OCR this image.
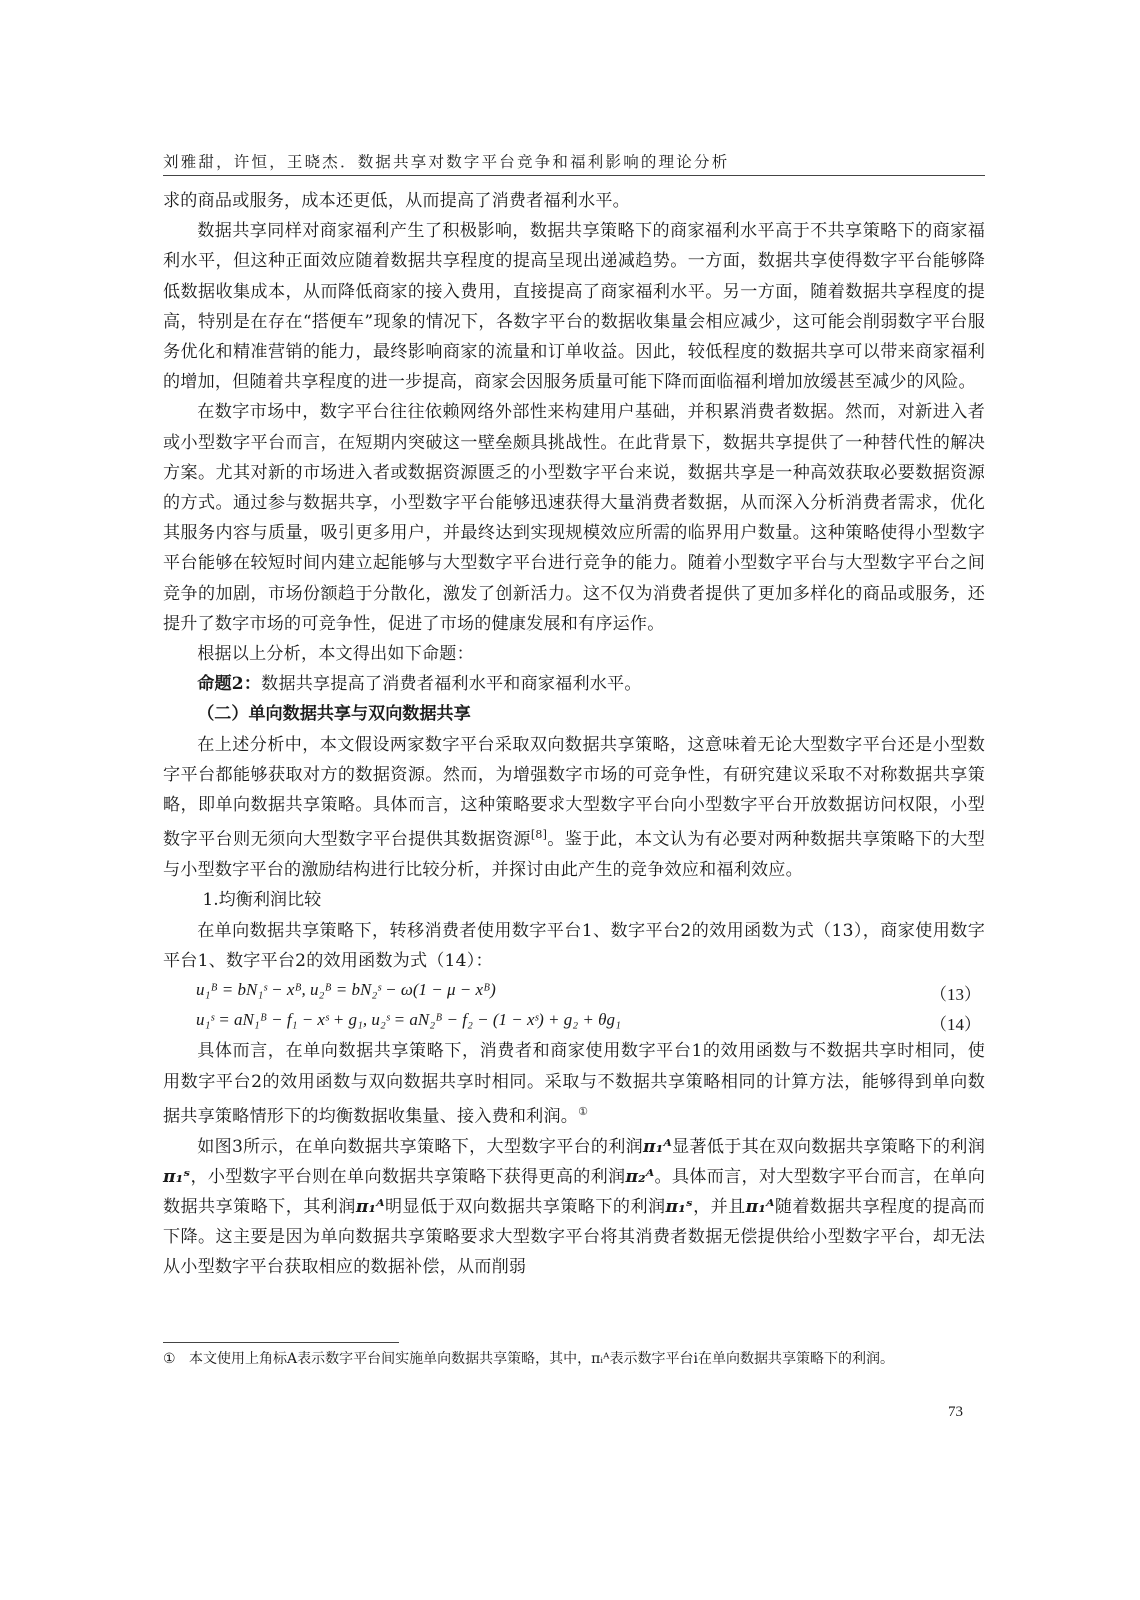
刘雅甜，许恒，王晓杰．数据共享对数字平台竞争和福利影响的理论分析

求的商品或服务，成本还更低，从而提高了消费者福利水平。

数据共享同样对商家福利产生了积极影响，数据共享策略下的商家福利水平高于不共享策略下的商家福利水平，但这种正面效应随着数据共享程度的提高呈现出递减趋势。一方面，数据共享使得数字平台能够降低数据收集成本，从而降低商家的接入费用，直接提高了商家福利水平。另一方面，随着数据共享程度的提高，特别是在存在“搭便车”现象的情况下，各数字平台的数据收集量会相应减少，这可能会削弱数字平台服务优化和精准营销的能力，最终影响商家的流量和订单收益。因此，较低程度的数据共享可以带来商家福利的增加，但随着共享程度的进一步提高，商家会因服务质量可能下降而面临福利增加放缓甚至减少的风险。

在数字市场中，数字平台往往依赖网络外部性来构建用户基础，并积累消费者数据。然而，对新进入者或小型数字平台而言，在短期内突破这一壁垒颇具挑战性。在此背景下，数据共享提供了一种替代性的解决方案。尤其对新的市场进入者或数据资源匮乏的小型数字平台来说，数据共享是一种高效获取必要数据资源的方式。通过参与数据共享，小型数字平台能够迅速获得大量消费者数据，从而深入分析消费者需求，优化其服务内容与质量，吸引更多用户，并最终达到实现规模效应所需的临界用户数量。这种策略使得小型数字平台能够在较短时间内建立起能够与大型数字平台进行竞争的能力。随着小型数字平台与大型数字平台之间竞争的加剧，市场份额趋于分散化，激发了创新活力。这不仅为消费者提供了更加多样化的商品或服务，还提升了数字市场的可竞争性，促进了市场的健康发展和有序运作。

根据以上分析，本文得出如下命题：

命题2：数据共享提高了消费者福利水平和商家福利水平。

（二）单向数据共享与双向数据共享

在上述分析中，本文假设两家数字平台采取双向数据共享策略，这意味着无论大型数字平台还是小型数字平台都能够获取对方的数据资源。然而，为增强数字市场的可竞争性，有研究建议采取不对称数据共享策略，即单向数据共享策略。具体而言，这种策略要求大型数字平台向小型数字平台开放数据访问权限，小型数字平台则无须向大型数字平台提供其数据资源[8]。鉴于此，本文认为有必要对两种数据共享策略下的大型与小型数字平台的激励结构进行比较分析，并探讨由此产生的竞争效应和福利效应。

1.均衡利润比较

在单向数据共享策略下，转移消费者使用数字平台1、数字平台2的效用函数为式（13），商家使用数字平台1、数字平台2的效用函数为式（14）：

u₁ᴮ = bN₁ˢ − xᴮ, u₂ᴮ = bN₂ˢ − ω(1 − μ − xᴮ)	（13）
u₁ˢ = aN₁ᴮ − f₁ − xˢ + g₁, u₂ˢ = aN₂ᴮ − f₂ − (1 − xˢ) + g₂ + θg₁	（14）

具体而言，在单向数据共享策略下，消费者和商家使用数字平台1的效用函数与不数据共享时相同，使用数字平台2的效用函数与双向数据共享时相同。采取与不数据共享策略相同的计算方法，能够得到单向数据共享策略情形下的均衡数据收集量、接入费和利润。①

如图3所示，在单向数据共享策略下，大型数字平台的利润π₁ᴬ显著低于其在双向数据共享策略下的利润π₁ˢ，小型数字平台则在单向数据共享策略下获得更高的利润π₂ᴬ。具体而言，对大型数字平台而言，在单向数据共享策略下，其利润π₁ᴬ明显低于双向数据共享策略下的利润π₁ˢ，并且π₁ᴬ随着数据共享程度的提高而下降。这主要是因为单向数据共享策略要求大型数字平台将其消费者数据无偿提供给小型数字平台，却无法从小型数字平台获取相应的数据补偿，从而削弱

① 本文使用上角标A表示数字平台间实施单向数据共享策略，其中，πᵢᴬ表示数字平台i在单向数据共享策略下的利润。
73
